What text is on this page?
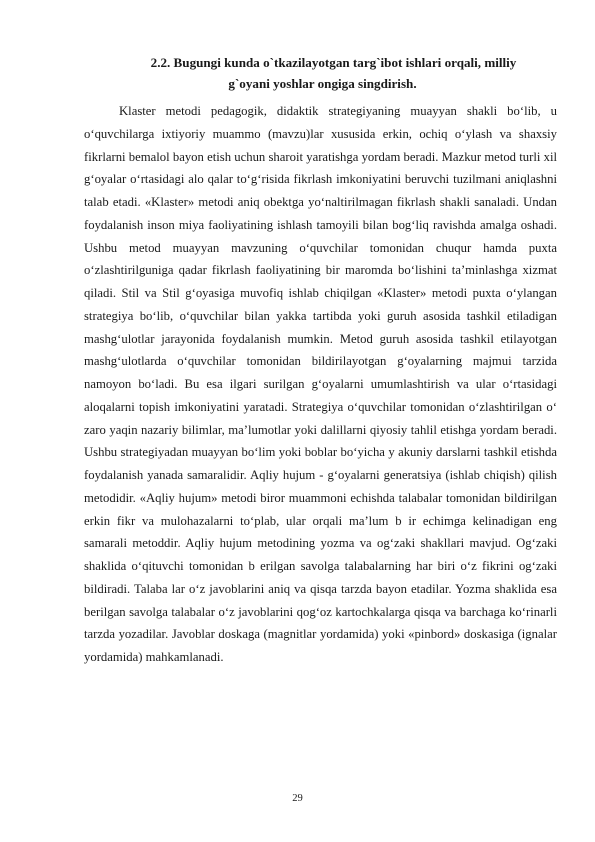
2.2. Bugungi kunda o`tkazilayotgan targ`ibot ishlari orqali, milliy
g`oyani yoshlar ongiga singdirish.

Klaster metodi pedagogik, didaktik strategiyaning muayyan shakli bo‘lib, u o‘quvchilarga ixtiyoriy muammo (mavzu)lar xususida erkin, ochiq o‘ylash va shaxsiy fikrlarni bemalol bayon etish uchun sharoit yaratishga yordam beradi. Mazkur metod turli xil g‘oyalar o‘rtasidagi alo qalar to‘g‘risida fikrlash imkoniyatini beruvchi tuzilmani aniqlashni talab etadi. «Klaster» metodi aniq obektga yo‘naltirilmagan fikrlash shakli sanaladi. Undan foydalanish inson miya faoliyatining ishlash tamoyili bilan bog‘liq ravishda amalga oshadi. Ushbu metod muayyan mavzuning o‘quvchilar tomonidan chuqur hamda puxta o‘zlashtirilguniga qadar fikrlash faoliyatining bir maromda bo‘lishini ta’minlashga xizmat qiladi. Stil va Stil g‘oyasiga muvofiq ishlab chiqilgan «Klaster» metodi puxta o‘ylangan strategiya bo‘lib, o‘quvchilar bilan yakka tartibda yoki guruh asosida tashkil etiladigan mashg‘ulotlar jarayonida foydalanish mumkin. Metod guruh asosida tashkil etilayotgan mashg‘ulotlarda o‘quvchilar tomonidan bildirilayotgan g‘oyalarning majmui tarzida namoyon bo‘ladi. Bu esa ilgari surilgan g‘oyalarni umumlashtirish va ular o‘rtasidagi aloqalarni topish imkoniyatini yaratadi. Strategiya o‘quvchilar tomonidan o‘zlashtirilgan o‘ zaro yaqin nazariy bilimlar, ma’lumotlar yoki dalillarni qiyosiy tahlil etishga yordam beradi. Ushbu strategiyadan muayyan bo‘lim yoki boblar bo‘yicha y akuniy darslarni tashkil etishda foydalanish yanada samaralidir. Aqliy hujum - g‘oyalarni generatsiya (ishlab chiqish) qilish metodidir. «Aqliy hujum» metodi biror muammoni echishda talabalar tomonidan bildirilgan erkin fikr va mulohazalarni to‘plab, ular orqali ma’lum b ir echimga kelinadigan eng samarali metoddir. Aqliy hujum metodining yozma va og‘zaki shakllari mavjud. Og‘zaki shaklida o‘qituvchi tomonidan b erilgan savolga talabalarning har biri o‘z fikrini og‘zaki bildiradi. Talaba lar o‘z javoblarini aniq va qisqa tarzda bayon etadilar. Yozma shaklida esa berilgan savolga talabalar o‘z javoblarini qog‘oz kartochkalarga qisqa va barchaga ko‘rinarli tarzda yozadilar. Javoblar doskaga (magnitlar yordamida) yoki «pinbord» doskasiga (ignalar yordamida) mahkamlanadi.

29
